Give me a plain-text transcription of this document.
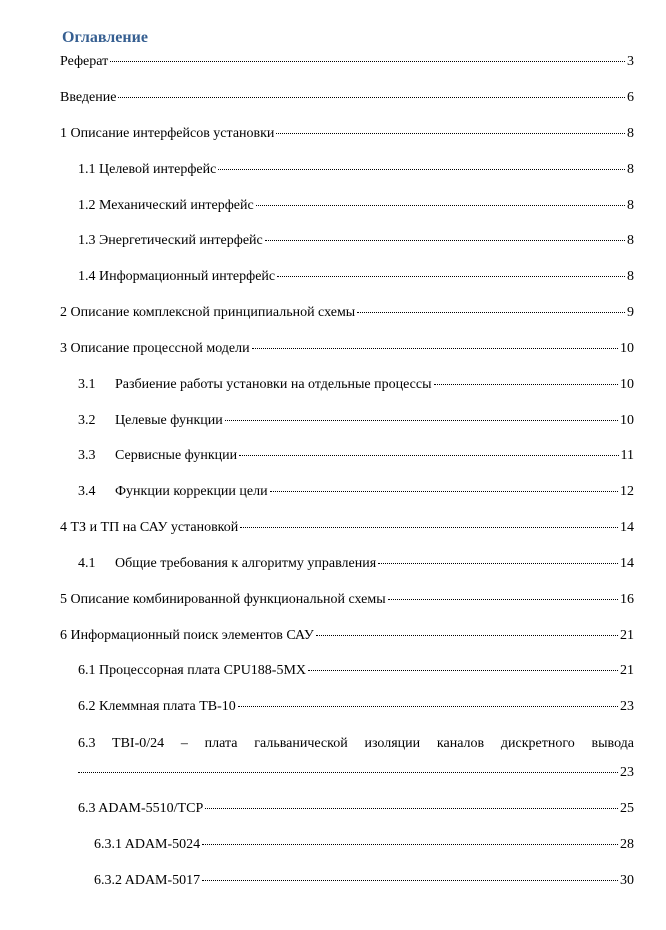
Оглавление
Реферат	3
Введение	6
1 Описание интерфейсов установки	8
1.1 Целевой интерфейс	8
1.2 Механический интерфейс	8
1.3 Энергетический интерфейс	8
1.4 Информационный интерфейс	8
2 Описание комплексной принципиальной схемы	9
3 Описание процессной модели	10
3.1	Разбиение работы установки на отдельные процессы	10
3.2	Целевые функции	10
3.3	Сервисные функции	11
3.4	Функции коррекции цели	12
4 ТЗ и ТП на САУ установкой	14
4.1	Общие требования к алгоритму управления	14
5 Описание комбинированной функциональной схемы	16
6 Информационный поиск элементов САУ	21
6.1 Процессорная плата CPU188-5MX	21
6.2 Клеммная плата TB-10	23
6.3 TBI-0/24 – плата гальванической изоляции каналов дискретного вывода
23
6.3 ADAM-5510/TCP	25
6.3.1 ADAM-5024	28
6.3.2 ADAM-5017	30
